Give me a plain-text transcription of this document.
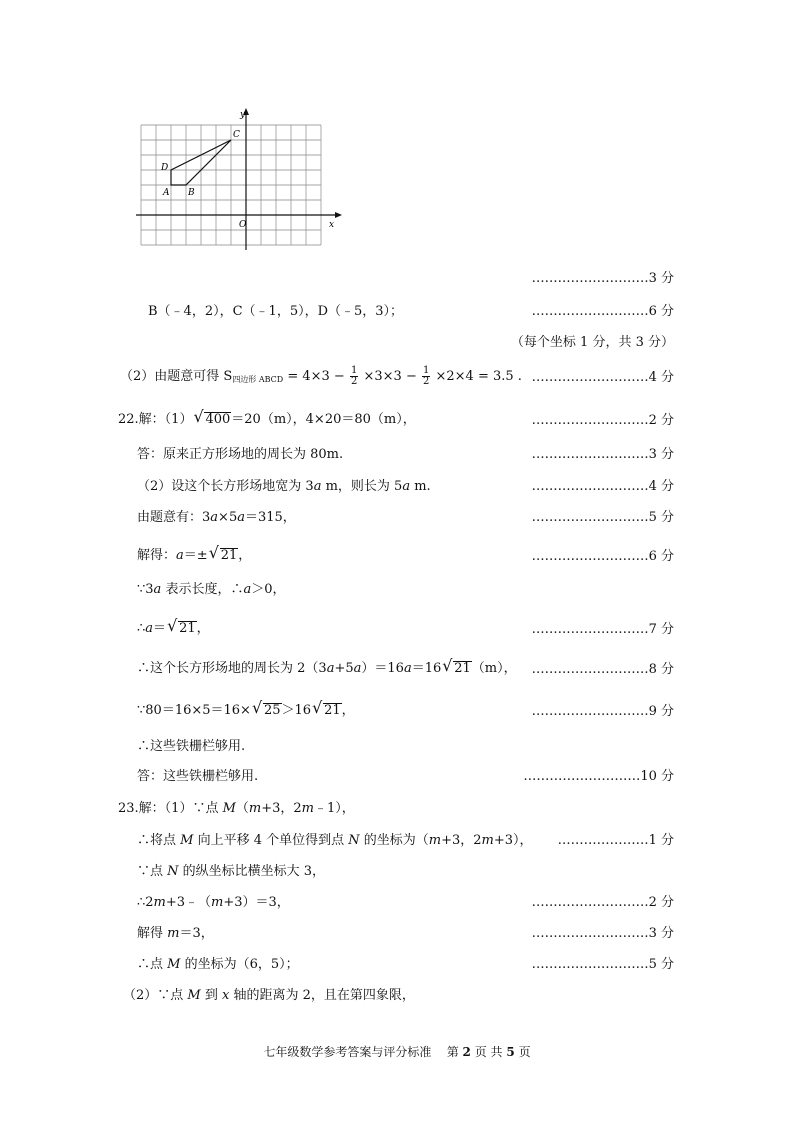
x
y
O
A B
C
D
………………………3 分
B（﹣4，2），C（﹣1，5），D（﹣5，3）；	………………………6 分
（每个坐标 1 分，共 3 分）
（2）由题意可得 $S_{四边形 ABCD} = 4\times 3 - \frac{1}{2} \times 3\times 3 - \frac{1}{2} \times 2\times 4 = 3.5$ . ………………………4 分
22.解：（1） √ 400＝20（m），4×20＝80（m），	………………………2 分
答：原来正方形场地的周长为 80m.	………………………3 分
（2）设这个长方形场地宽为 3a m，则长为 5a m.	………………………4 分
由题意有：3a×5a＝315，	………………………5 分
解得：a＝± √ 21，	………………………6 分
∵3a 表示长度，∴a＞0，
∴a＝ √ 21，	………………………7 分
∴这个长方形场地的周长为 2（3a+5a）＝16a＝16 √ 21（m）， ………………………8 分
∵80＝16×5＝16× √ 25＞16 √ 21，	………………………9 分
∴这些铁栅栏够用.
答：这些铁栅栏够用.	………………………10 分
23.解：（1）∵点 M（m+3，2m﹣1），
∴将点 M 向上平移 4 个单位得到点 N 的坐标为（m+3，2m+3）， …………………1 分
∵点 N 的纵坐标比横坐标大 3，
∴2m+3﹣（m+3）＝3，	………………………2 分
解得 m＝3，	………………………3 分
∴点 M 的坐标为（6，5）；	………………………5 分
（2）∵点 M 到 x 轴的距离为 2，且在第四象限，
七年级数学参考答案与评分标准 第 2 页 共 5 页
